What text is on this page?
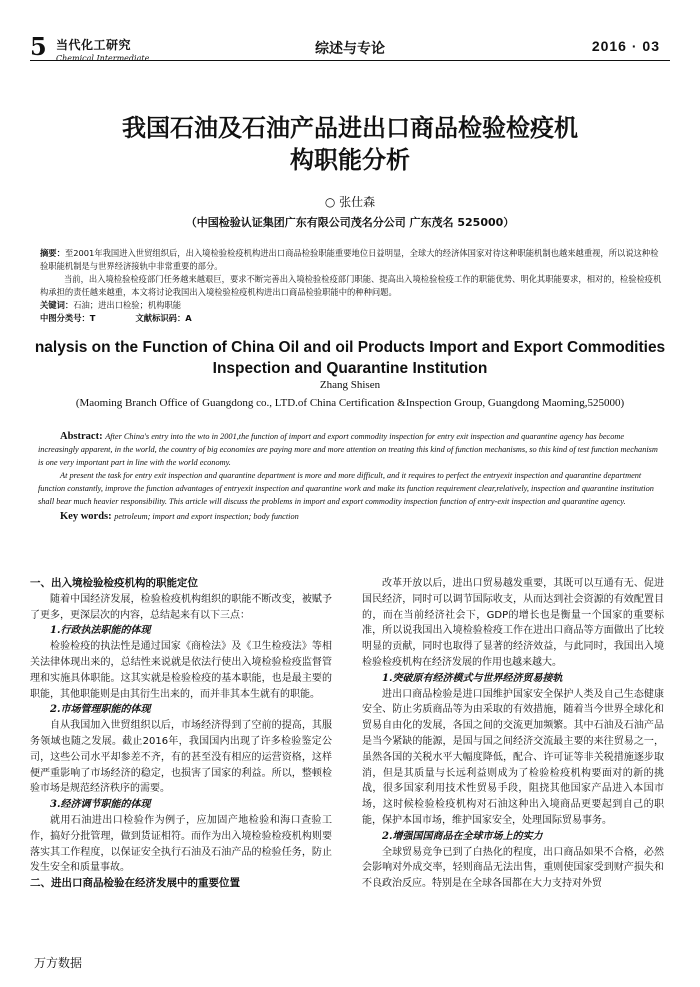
5 当代化工研究
Chemical Intermediate
综述与专论	2016 · 03
我国石油及石油产品进出口商品检验检疫机
构职能分析
○ 张仕森
（中国检验认证集团广东有限公司茂名分公司 广东茂名 525000）

摘要：至2001年我国进入世贸组织后，出入境检验检疫机构进出口商品检验职能重要地位日益明显，全球大的经济体国家对待这种职能机制也越来越重视，所以说这种检验职能机制是与世界经济接轨中非常重要的部分。

当前，出入境检验检疫部门任务越来越艰巨，要求不断完善出入境检验检疫部门职能、提高出入境检验检疫工作的职能优势、明化其职能要求，相对的，检验检疫机构承担的责任越来越重，本文将讨论我国出入境检验检疫机构进出口商品检验职能中的种种问题。

关键词：石油；进出口检验；机构职能

中图分类号：T	文献标识码：A

nalysis on the Function of China Oil and oil Products Import and Export Commodities
Inspection and Quarantine Institution
Zhang Shisen
(Maoming Branch Office of Guangdong co., LTD.of China Certification &Inspection Group, Guangdong Maoming,525000)

Abstract: After China's entry into the wto in 2001,the function of import and export commodity inspection for entry exit inspection and quarantine agency has become increasingly apparent, in the world, the country of big economies are paying more and more attention on treating this kind of function mechanisms, so this kind of test function mechanism is one very important part in line with the world economy.

At present the task for entry exit inspection and quarantine department is more and more difficult, and it requires to perfect the entryexit inspection and quarantine department function constantly, improve the function advantages of entryexit inspection and quarantine work and make its function requirement clear,relatively, inspection and quarantine institution shall bear much heavier responsibility. This article will discuss the problems in import and export commodity inspection function of entry-exit inspection and quarantine agency.

Key words: petroleum; import and export inspection; body function

一、出入境检验检疫机构的职能定位

随着中国经济发展，检验检疫机构组织的职能不断改变，被赋予了更多，更深层次的内容，总结起来有以下三点：

1.行政执法职能的体现

检验检疫的执法性是通过国家《商检法》及《卫生检疫法》等相关法律体现出来的，总结性来说就是依法行使出入境检验检疫监督管理和实施具体职能。这其实就是检验检疫的基本职能，也是最主要的职能，其他职能则是由其衍生出来的，而并非其本生就有的职能。

2.市场管理职能的体现

自从我国加入世贸组织以后，市场经济得到了空前的提高，其服务领域也随之发展。截止2016年，我国国内出现了许多检验鉴定公司，这些公司水平却参差不齐，有的甚至没有相应的运营资格，这样便严重影响了市场经济的稳定，也损害了国家的利益。所以，整顿检验市场是规范经济秩序的需要。

3.经济调节职能的体现

就用石油进出口检验作为例子，应加固产地检验和海口查验工作，搞好分批管理，做到货证相符。而作为出入境检验检疫机构则要落实其工作程度，以保证安全执行石油及石油产品的检验任务，防止发生安全和质量事故。

二、进出口商品检验在经济发展中的重要位置

改革开放以后，进出口贸易越发重要，其既可以互通有无、促进国民经济，同时可以调节国际收支，从而达到社会资源的有效配置目的，而在当前经济社会下，GDP的增长也是衡量一个国家的重要标准，所以说我国出入境检验检疫工作在进出口商品等方面做出了比较明显的贡献，同时也取得了显著的经济效益，与此同时，我国出入境检验检疫机构在经济发展的作用也越来越大。

1.突破原有经济模式与世界经济贸易接轨

进出口商品检验是进口国维护国家安全保护人类及自己生态健康安全、防止劣质商品等为由采取的有效措施，随着当今世界全球化和贸易自由化的发展，各国之间的交流更加频繁。其中石油及石油产品是当今紧缺的能源，是国与国之间经济交流最主要的来往贸易之一，虽然各国的关税水平大幅度降低，配合、许可证等非关税措施逐步取消，但是其质量与长远利益则成为了检验检疫机构要面对的新的挑战，很多国家利用技术性贸易手段，阻挠其他国家产品进入本国市场，这时候检验检疫机构对石油这种出入境商品更要起到自己的职能，保护本国市场，维护国家安全，处理国际贸易事务。

2.增强国国商品在全球市场上的实力

全球贸易竞争已到了白热化的程度，出口商品如果不合格，必然会影响对外成交率，轻则商品无法出售，重则使国家受到财产损失和不良政治反应。特别是在全球各国都在大力支持对外贸

万方数据
